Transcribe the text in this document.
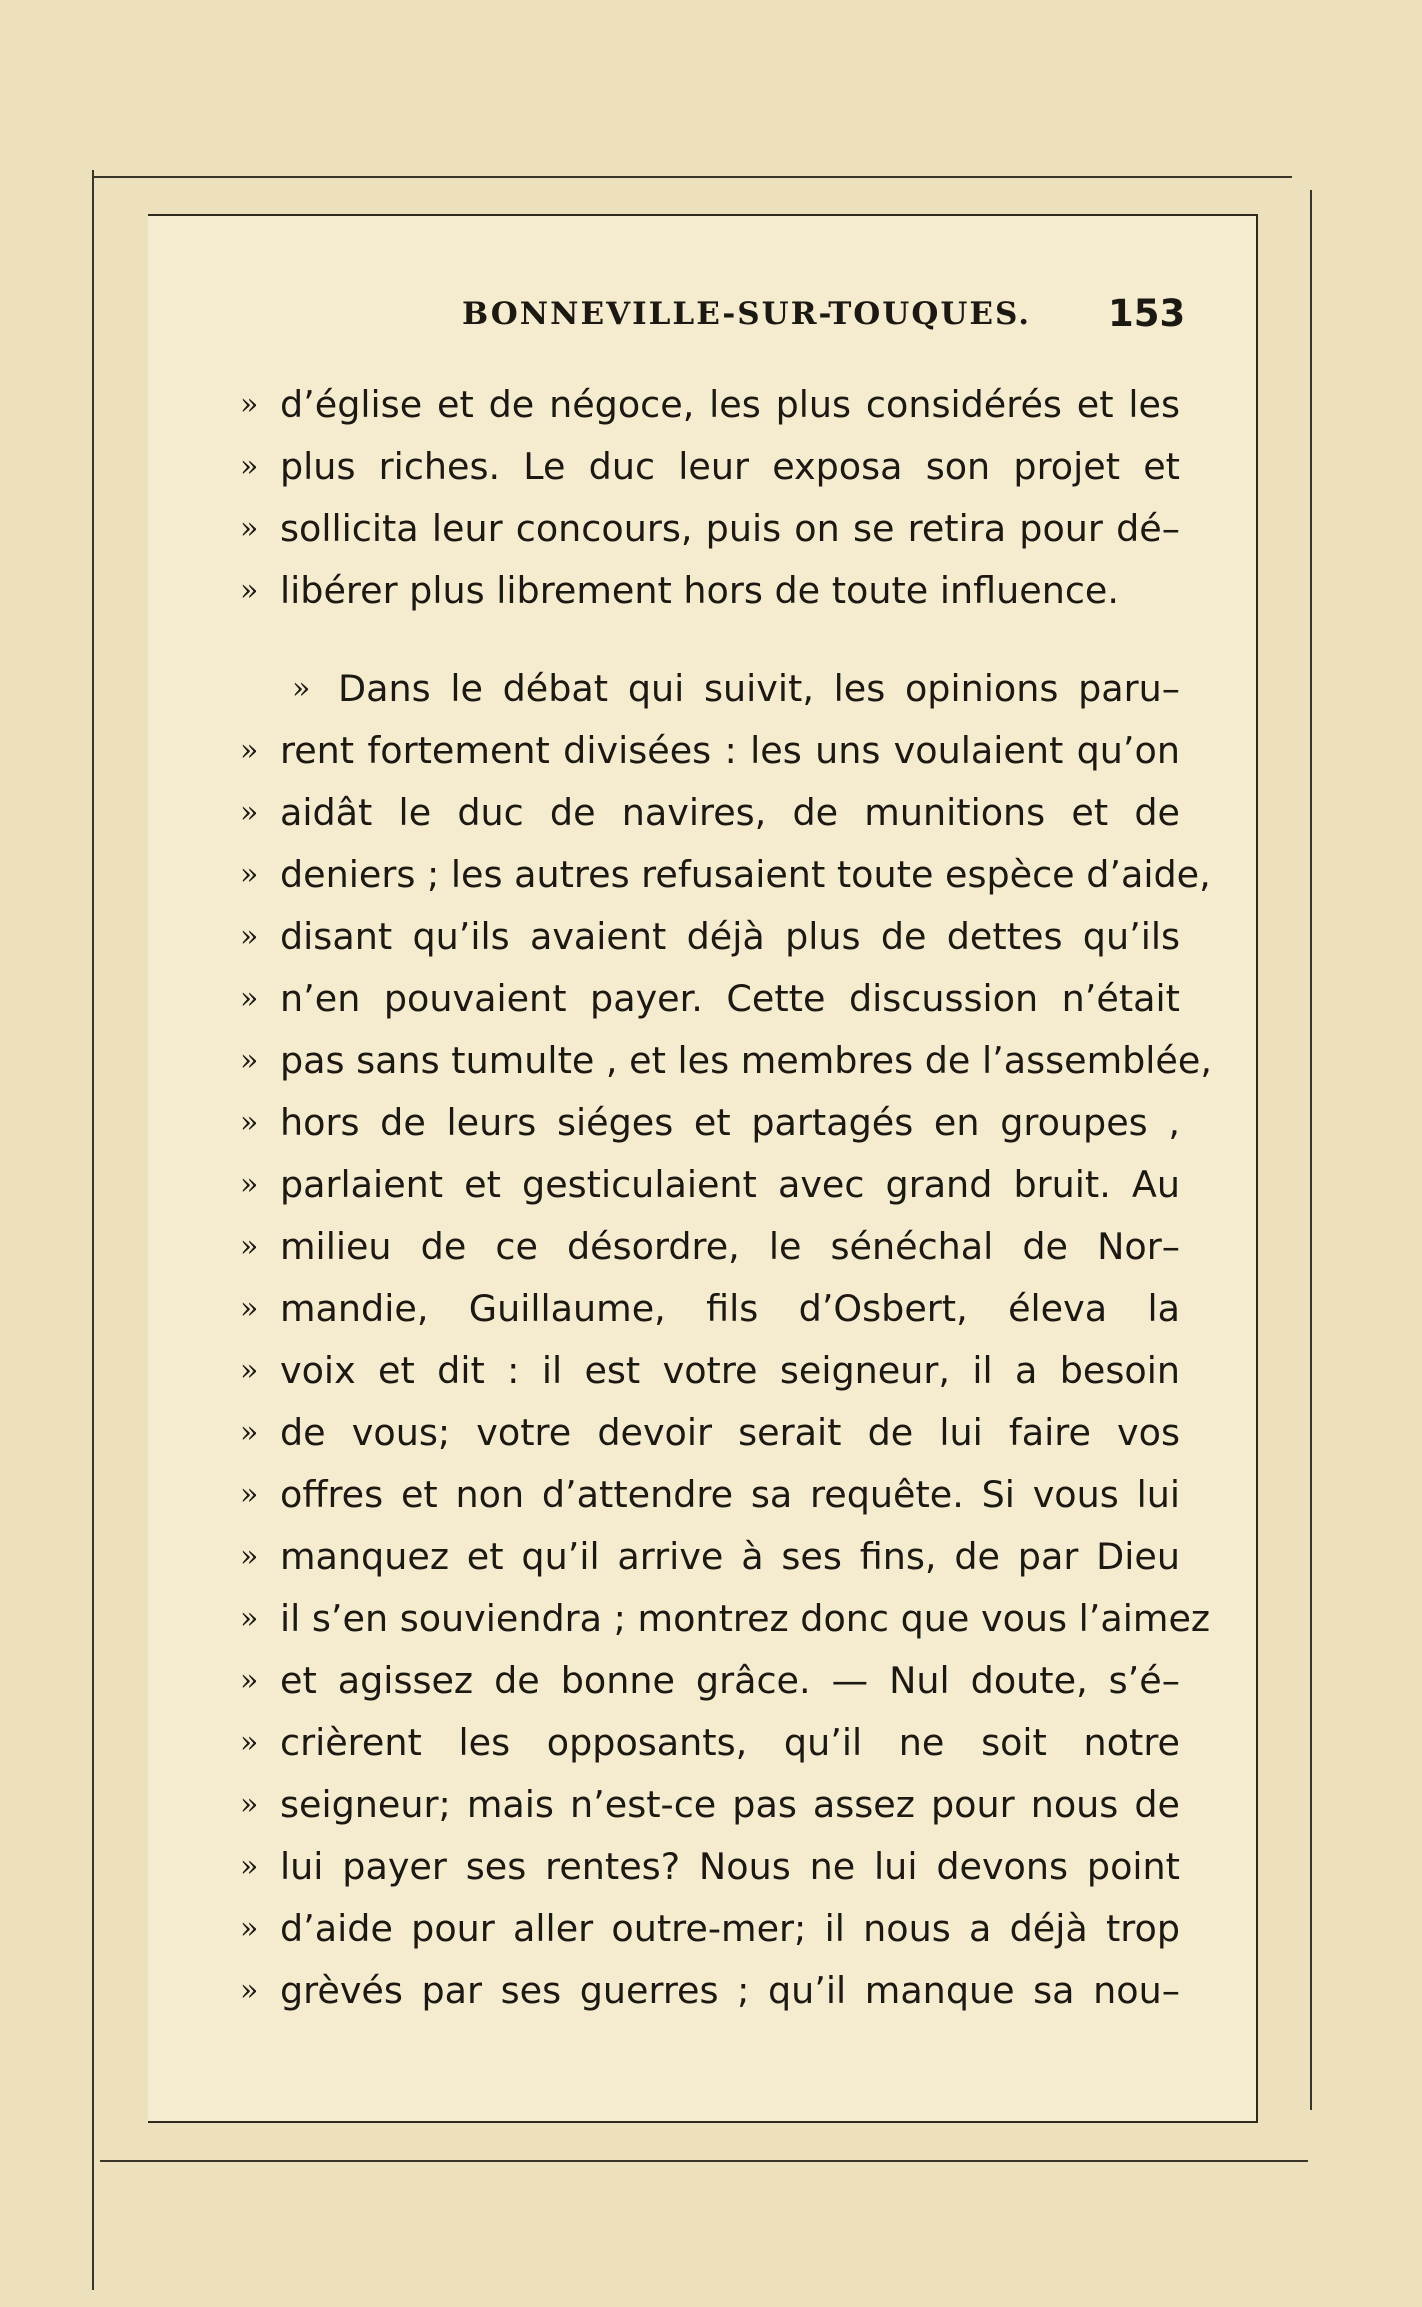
BONNEVILLE-SUR-TOUQUES. 153
» d’église et de négoce, les plus considérés et les
» plus riches. Le duc leur exposa son projet et
» sollicita leur concours, puis on se retira pour dé–
» libérer plus librement hors de toute influence.
» Dans le débat qui suivit, les opinions paru–
» rent fortement divisées : les uns voulaient qu’on
» aidât le duc de navires, de munitions et de
» deniers ; les autres refusaient toute espèce d’aide,
» disant qu’ils avaient déjà plus de dettes qu’ils
» n’en pouvaient payer. Cette discussion n’était
» pas sans tumulte , et les membres de l’assemblée,
» hors de leurs siéges et partagés en groupes ,
» parlaient et gesticulaient avec grand bruit. Au
» milieu de ce désordre, le sénéchal de Nor–
» mandie, Guillaume, fils d’Osbert, éleva la
» voix et dit : il est votre seigneur, il a besoin
» de vous; votre devoir serait de lui faire vos
» offres et non d’attendre sa requête. Si vous lui
» manquez et qu’il arrive à ses fins, de par Dieu
» il s’en souviendra ; montrez donc que vous l’aimez
» et agissez de bonne grâce. — Nul doute, s’é–
» crièrent les opposants, qu’il ne soit notre
» seigneur; mais n’est-ce pas assez pour nous de
» lui payer ses rentes? Nous ne lui devons point
» d’aide pour aller outre-mer; il nous a déjà trop
» grèvés par ses guerres ; qu’il manque sa nou–
